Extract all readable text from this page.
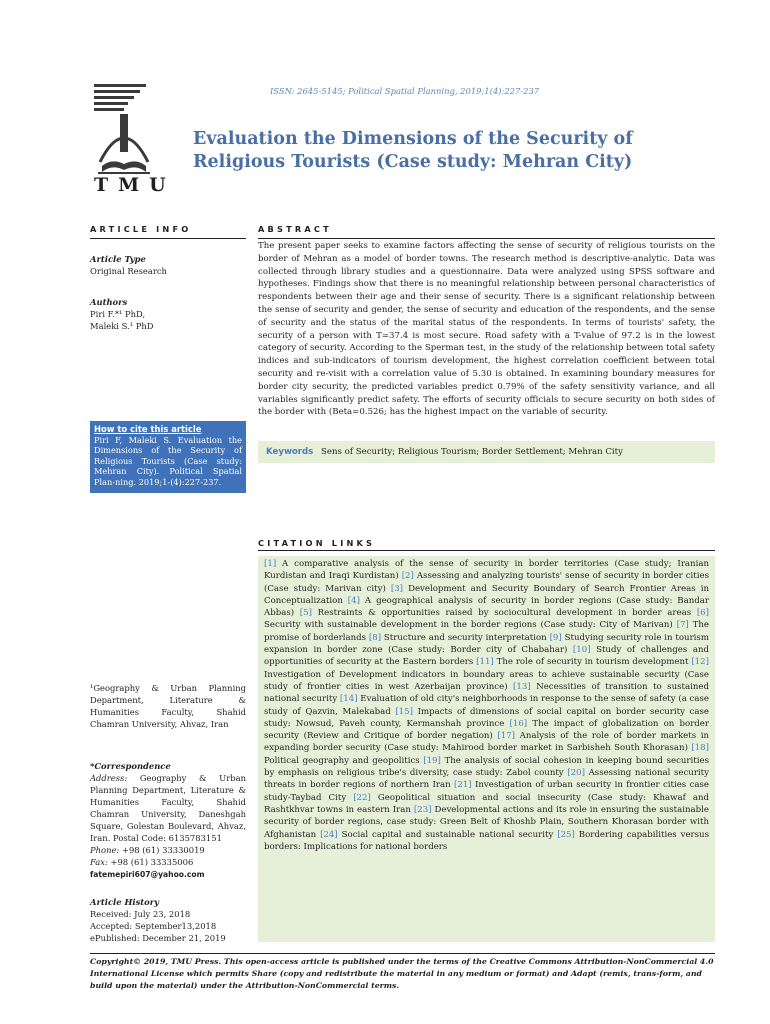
ISSN: 2645-5145; Political Spatial Planning, 2019;1(4):227-237
TMU
Evaluation the Dimensions of the Security of Religious Tourists (Case study: Mehran City)
ARTICLE INFO	ABSTRACT
Article Type
Original Research
Authors
Piri F.*¹ PhD,
Maleki S.¹ PhD
How to cite this article
Piri F, Maleki S. Evaluation the Dimensions of the Security of Religious Tourists (Case study: Mehran City). Political Spatial Plan-ning. 2019;1-(4):227-237.
¹Geography & Urban Planning Department, Literature & Humanities Faculty, Shahid Chamran University, Ahvaz, Iran
*Correspondence
Address: Geography & Urban Planning Department, Literature & Humanities Faculty, Shahid Chamran University, Daneshgah Square, Golestan Boulevard, Ahvaz, Iran. Postal Code: 6135783151
Phone: +98 (61) 33330019
Fax: +98 (61) 33335006
fatemepiri607@yahoo.com
Article History
Received: July 23, 2018
Accepted: September13,2018
ePublished: December 21, 2019

The present paper seeks to examine factors affecting the sense of security of religious tourists on the border of Mehran as a model of border towns. The research method is descriptive-analytic. Data was collected through library studies and a questionnaire. Data were analyzed using SPSS software and hypotheses. Findings show that there is no meaningful relationship between personal characteristics of respondents between their age and their sense of security. There is a significant relationship between the sense of security and gender, the sense of security and education of the respondents, and the sense of security and the status of the marital status of the respondents. In terms of tourists' safety, the security of a person with T=37.4 is most secure. Road safety with a T-value of 97.2 is in the lowest category of security. According to the Sperman test, in the study of the relationship between total safety indices and sub-indicators of tourism development, the highest correlation coefficient between total security and re-visit with a correlation value of 5.30 is obtained. In examining boundary measures for border city security, the predicted variables predict 0.79% of the safety sensitivity variance, and all variables significantly predict safety. The efforts of security officials to secure security on both sides of the border with (Beta=0.526; has the highest impact on the variable of security.

Keywords Sens of Security; Religious Tourism; Border Settlement; Mehran City
CITATION LINKS
[1] A comparative analysis of the sense of security in border territories (Case study; Iranian Kurdistan and Iraqi Kurdistan) [2] Assessing and analyzing tourists' sense of security in border cities (Case study: Marivan city) [3] Development and Security Boundary of Search Frontier Areas in Conceptualization [4] A geographical analysis of security in border regions (Case study: Bandar Abbas) [5] Restraints & opportunities raised by sociocultural development in border areas [6] Security with sustainable development in the border regions (Case study: City of Marivan) [7] The promise of borderlands [8] Structure and security interpretation [9] Studying security role in tourism expansion in border zone (Case study: Border city of Chabahar) [10] Study of challenges and opportunities of security at the Eastern borders [11] The role of security in tourism development [12] Investigation of Development indicators in boundary areas to achieve sustainable security (Case study of frontier cities in west Azerbaijan province) [13] Necessities of transition to sustained national security [14] Evaluation of old city's neighborhoods in response to the sense of safety (a case study of Qazvin, Malekabad [15] Impacts of dimensions of social capital on border security case study: Nowsud, Paveh county, Kermanshah province [16] The impact of globalization on border security (Review and Critique of border negation) [17] Analysis of the role of border markets in expanding border security (Case study: Mahirood border market in Sarbisheh South Khorasan) [18] Political geography and geopolitics [19] The analysis of social cohesion in keeping bound securities by emphasis on religious tribe's diversity, case study: Zabol county [20] Assessing national security threats in border regions of northern Iran [21] Investigation of urban security in frontier cities case study-Taybad City [22] Geopolitical situation and social insecurity (Case study: Khawaf and Rashtkhvar towns in eastern Iran [23] Developmental actions and its role in ensuring the sustainable security of border regions, case study: Green Belt of Khoshb Plain, Southern Khorasan border with Afghanistan [24] Social capital and sustainable national security [25] Bordering capabilities versus borders: Implications for national borders
Copyright© 2019, TMU Press. This open-access article is published under the terms of the Creative Commons Attribution-NonCommercial 4.0 International License which permits Share (copy and redistribute the material in any medium or format) and Adapt (remix, trans-form, and build upon the material) under the Attribution-NonCommercial terms.
